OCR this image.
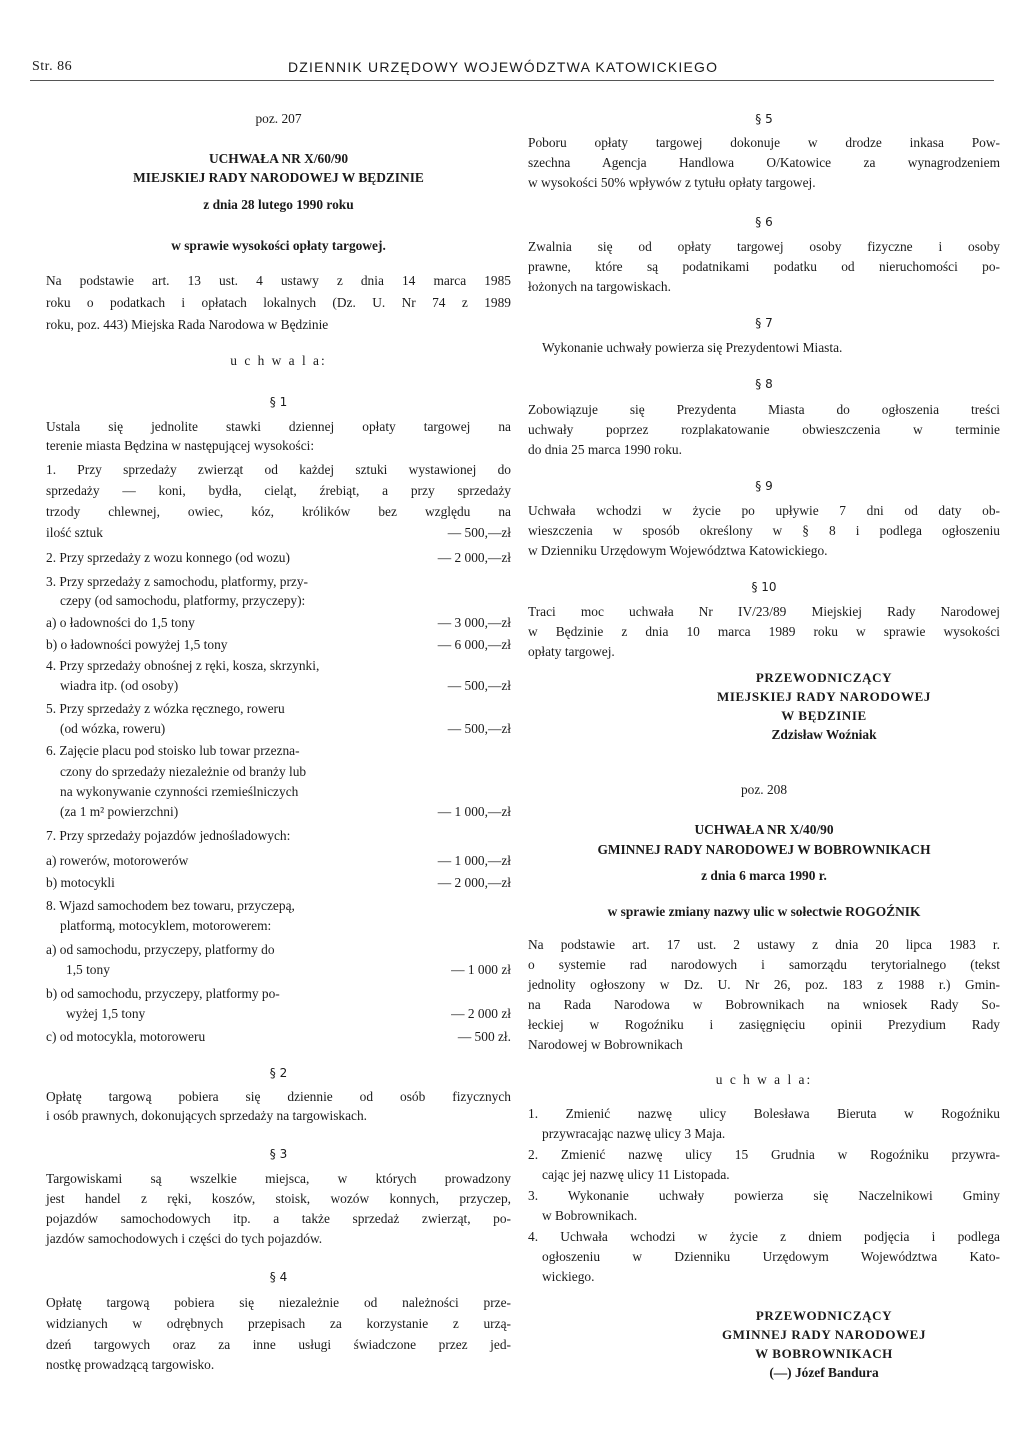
Str. 86	DZIENNIK URZĘDOWY WOJEWÓDZTWA KATOWICKIEGO
poz. 207
UCHWAŁA NR X/60/90
MIEJSKIEJ RADY NARODOWEJ W BĘDZINIE
z dnia 28 lutego 1990 roku
w sprawie wysokości opłaty targowej.
Na podstawie art. 13 ust. 4 ustawy z dnia 14 marca 1985
roku o podatkach i opłatach lokalnych (Dz. U. Nr 74 z 1989
roku, poz. 443) Miejska Rada Narodowa w Będzinie
u c h w a l a:
§ 1
Ustala się jednolite stawki dziennej opłaty targowej na
terenie miasta Będzina w następującej wysokości:
1. Przy sprzedaży zwierząt od każdej sztuki wystawionej do
sprzedaży — koni, bydła, cieląt, źrebiąt, a przy sprzedaży
trzody chlewnej, owiec, kóz, królików bez względu na
ilość sztuk	— 500,—zł
2. Przy sprzedaży z wozu konnego (od wozu)	— 2 000,—zł
3. Przy sprzedaży z samochodu, platformy, przy-
czepy (od samochodu, platformy, przyczepy):
a) o ładowności do 1,5 tony	— 3 000,—zł
b) o ładowności powyżej 1,5 tony	— 6 000,—zł
4. Przy sprzedaży obnośnej z ręki, kosza, skrzynki,
wiadra itp. (od osoby)	— 500,—zł
5. Przy sprzedaży z wózka ręcznego, roweru
(od wózka, roweru)	— 500,—zł
6. Zajęcie placu pod stoisko lub towar przezna-
czony do sprzedaży niezależnie od branży lub
na wykonywanie czynności rzemieślniczych
(za 1 m² powierzchni)	— 1 000,—zł
7. Przy sprzedaży pojazdów jednośladowych:
a) rowerów, motorowerów	— 1 000,—zł
b) motocykli	— 2 000,—zł
8. Wjazd samochodem bez towaru, przyczepą,
platformą, motocyklem, motorowerem:
a) od samochodu, przyczepy, platformy do
1,5 tony	— 1 000 zł
b) od samochodu, przyczepy, platformy po-
wyżej 1,5 tony	— 2 000 zł
c) od motocykla, motoroweru	— 500 zł.
§ 2
Opłatę targową pobiera się dziennie od osób fizycznych
i osób prawnych, dokonujących sprzedaży na targowiskach.
§ 3
Targowiskami są wszelkie miejsca, w których prowadzony
jest handel z ręki, koszów, stoisk, wozów konnych, przyczep,
pojazdów samochodowych itp. a także sprzedaż zwierząt, po-
jazdów samochodowych i części do tych pojazdów.
§ 4
Opłatę targową pobiera się niezależnie od należności prze-
widzianych w odrębnych przepisach za korzystanie z urzą-
dzeń targowych oraz za inne usługi świadczone przez jed-
nostkę prowadzącą targowisko.
§ 5
Poboru opłaty targowej dokonuje w drodze inkasa Pow-
szechna Agencja Handlowa O/Katowice za wynagrodzeniem
w wysokości 50% wpływów z tytułu opłaty targowej.
§ 6
Zwalnia się od opłaty targowej osoby fizyczne i osoby
prawne, które są podatnikami podatku od nieruchomości po-
łożonych na targowiskach.
§ 7
Wykonanie uchwały powierza się Prezydentowi Miasta.
§ 8
Zobowiązuje się Prezydenta Miasta do ogłoszenia treści
uchwały poprzez rozplakatowanie obwieszczenia w terminie
do dnia 25 marca 1990 roku.
§ 9
Uchwała wchodzi w życie po upływie 7 dni od daty ob-
wieszczenia w sposób określony w § 8 i podlega ogłoszeniu
w Dzienniku Urzędowym Województwa Katowickiego.
§ 10
Traci moc uchwała Nr IV/23/89 Miejskiej Rady Narodowej
w Będzinie z dnia 10 marca 1989 roku w sprawie wysokości
opłaty targowej.
PRZEWODNICZĄCY
MIEJSKIEJ RADY NARODOWEJ
W BĘDZINIE
Zdzisław Woźniak
poz. 208
UCHWAŁA NR X/40/90
GMINNEJ RADY NARODOWEJ W BOBROWNIKACH
z dnia 6 marca 1990 r.
w sprawie zmiany nazwy ulic w sołectwie ROGOŹNIK
Na podstawie art. 17 ust. 2 ustawy z dnia 20 lipca 1983 r.
o systemie rad narodowych i samorządu terytorialnego (tekst
jednolity ogłoszony w Dz. U. Nr 26, poz. 183 z 1988 r.) Gmin-
na Rada Narodowa w Bobrownikach na wniosek Rady So-
łeckiej w Rogoźniku i zasięgnięciu opinii Prezydium Rady
Narodowej w Bobrownikach
u c h w a l a:
1. Zmienić nazwę ulicy Bolesława Bieruta w Rogoźniku
przywracając nazwę ulicy 3 Maja.
2. Zmienić nazwę ulicy 15 Grudnia w Rogoźniku przywra-
cając jej nazwę ulicy 11 Listopada.
3. Wykonanie uchwały powierza się Naczelnikowi Gminy
w Bobrownikach.
4. Uchwała wchodzi w życie z dniem podjęcia i podlega
ogłoszeniu w Dzienniku Urzędowym Województwa Kato-
wickiego.
PRZEWODNICZĄCY
GMINNEJ RADY NARODOWEJ
W BOBROWNIKACH
(—) Józef Bandura
